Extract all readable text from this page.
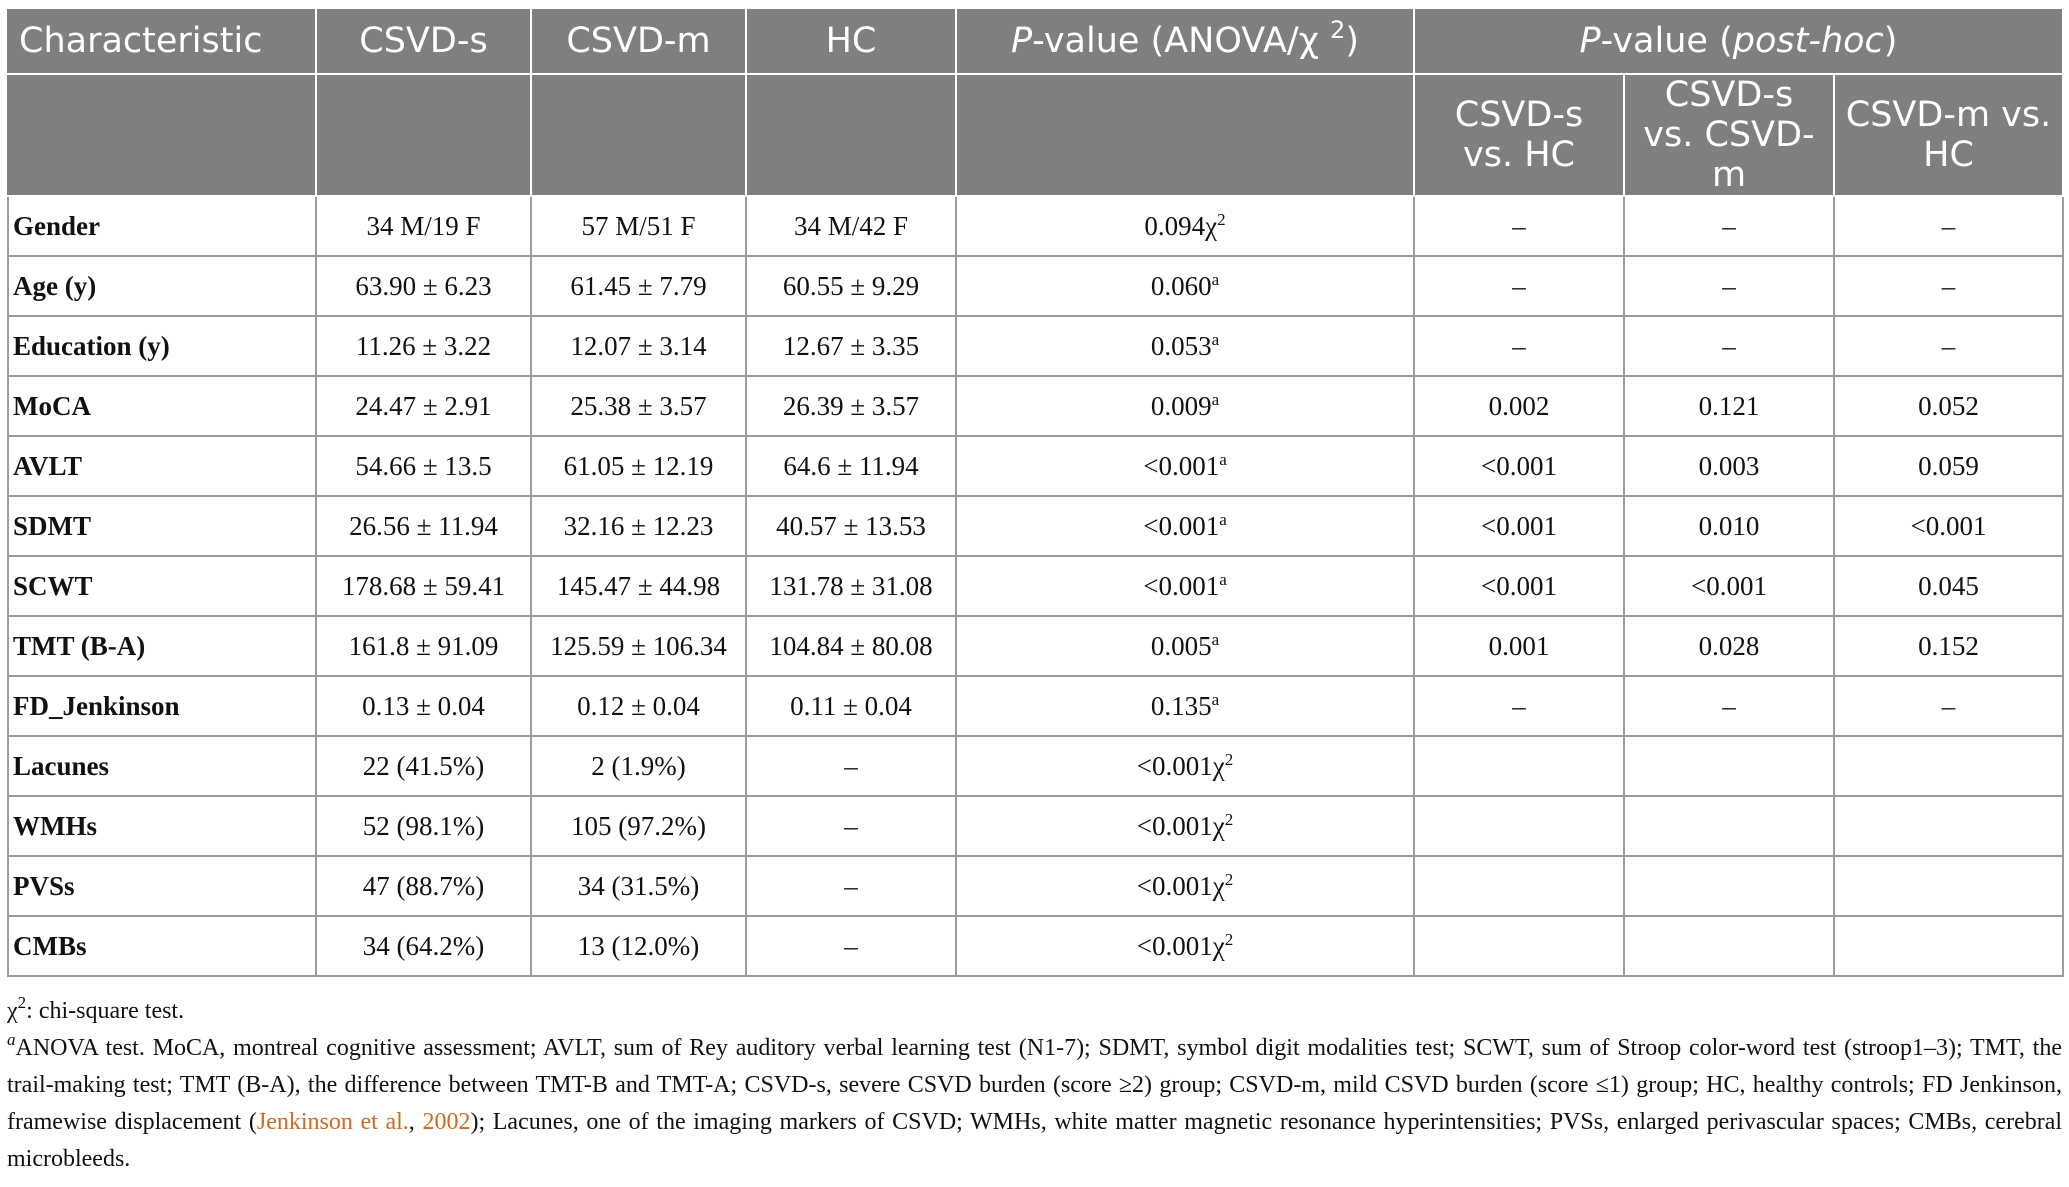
Characteristic	CSVD-s	CSVD-m	HC	P-value (ANOVA/χ $^2$)	P-value (post-hoc)		
					CSVD-s vs. HC	CSVD-s vs. CSVD-m	CSVD-m vs. HC
Gender	34 M/19 F	57 M/51 F	34 M/42 F	$0.094\chi^2$	–	–	–
Age (y)	63.90 ± 6.23	61.45 ± 7.79	60.55 ± 9.29	0.060$^a$	–	–	–
Education (y)	11.26 ± 3.22	12.07 ± 3.14	12.67 ± 3.35	0.053$^a$	–	–	–
MoCA	24.47 ± 2.91	25.38 ± 3.57	26.39 ± 3.57	0.009$^a$	0.002	0.121	0.052
AVLT	54.66 ± 13.5	61.05 ± 12.19	64.6 ± 11.94	<0.001$^a$	<0.001	0.003	0.059
SDMT	26.56 ± 11.94	32.16 ± 12.23	40.57 ± 13.53	<0.001$^a$	<0.001	0.010	<0.001
SCWT	178.68 ± 59.41	145.47 ± 44.98	131.78 ± 31.08	<0.001$^a$	<0.001	<0.001	0.045
TMT (B-A)	161.8 ± 91.09	125.59 ± 106.34	104.84 ± 80.08	0.005$^a$	0.001	0.028	0.152
FD_Jenkinson	0.13 ± 0.04	0.12 ± 0.04	0.11 ± 0.04	0.135$^a$	–	–	–
Lacunes	22 (41.5%)	2 (1.9%)	–	$<0.001\chi^2$			
WMHs	52 (98.1%)	105 (97.2%)	–	$<0.001\chi^2$			
PVSs	47 (88.7%)	34 (31.5%)	–	$<0.001\chi^2$			
CMBs	34 (64.2%)	13 (12.0%)	–	$<0.001\chi^2$			

$\chi^2$: chi-square test.

$^a$ANOVA test. MoCA, montreal cognitive assessment; AVLT, sum of Rey auditory verbal learning test (N1-7); SDMT, symbol digit modalities test; SCWT, sum of Stroop color-word test (stroop1–3); TMT, the trail-making test; TMT (B-A), the difference between TMT-B and TMT-A; CSVD-s, severe CSVD burden (score ≥2) group; CSVD-m, mild CSVD burden (score ≤1) group; HC, healthy controls; FD Jenkinson, framewise displacement (Jenkinson et al., 2002); Lacunes, one of the imaging markers of CSVD; WMHs, white matter magnetic resonance hyperintensities; PVSs, enlarged perivascular spaces; CMBs, cerebral microbleeds.
